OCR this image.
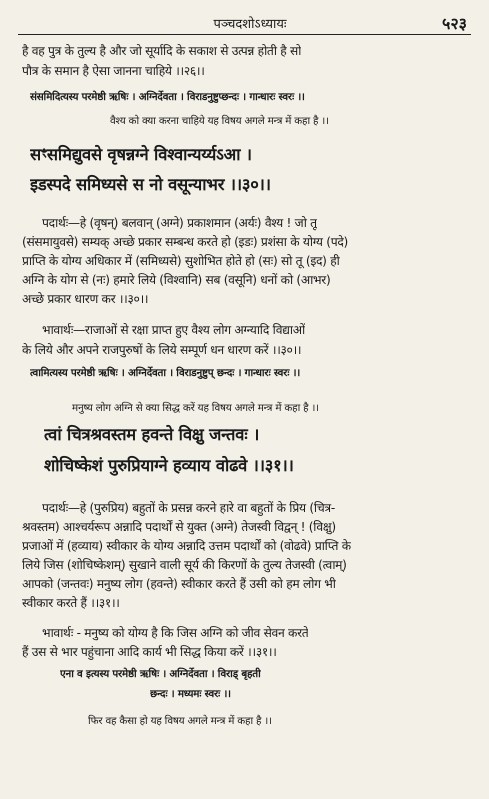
पञ्चदशोऽध्यायः	५२३
है वह पुत्र के तुल्य है और जो सूर्यादि के सकाश से उत्पन्न होती है सो
पौत्र के समान है ऐसा जानना चाहिये ।।२६।।
संसमिदित्यस्य परमेष्ठी ऋषिः । अग्निर्देवता । विराडनुष्टुप्छन्दः । गान्धारः स्वरः ।।
वैश्य को क्या करना चाहिये यह विषय अगले मन्त्र में कहा है ।।
सꣳसमिद्युवसे वृषन्नग्ने विश्वान्यर्य्यऽआ ।
इडस्पदे समिध्यसे स नो वसून्याभर ।।३०।।
पदार्थः—हे (वृषन्) बलवान् (अग्ने) प्रकाशमान (अर्यः) वैश्य ! जो तू
(संसमायुवसे) सम्यक् अच्छे प्रकार सम्बन्ध करते हो (इडः) प्रशंसा के योग्य (पदे)
प्राप्ति के योग्य अधिकार में (समिध्यसे) सुशोभित होते हो (सः) सो तू (इद) ही
अग्नि के योग से (नः) हमारे लिये (विश्वानि) सब (वसूनि) धनों को (आभर)
अच्छे प्रकार धारण कर ।।३०।।
भावार्थः—राजाओं से रक्षा प्राप्त हुए वैश्य लोग अग्न्यादि विद्याओं
के लिये और अपने राजपुरुषों के लिये सम्पूर्ण धन धारण करें ।।३०।।
त्वामित्यस्य परमेष्ठी ऋषिः । अग्निर्देवता । विराडनुष्टुप् छन्दः । गान्धारः स्वरः ।।
मनुष्य लोग अग्नि से क्या सिद्ध करें यह विषय अगले मन्त्र में कहा है ।।
त्वां चित्रश्रवस्तम हवन्ते विक्षु जन्तवः ।
शोचिष्केशं पुरुप्रियाग्ने हव्याय वोढवे ।।३१।।
पदार्थः—हे (पुरुप्रिय) बहुतों के प्रसन्न करने हारे वा बहुतों के प्रिय (चित्र-
श्रवस्तम) आश्चर्यरूप अन्नादि पदार्थों से युक्त (अग्ने) तेजस्वी विद्वन् ! (विक्षु)
प्रजाओं में (हव्याय) स्वीकार के योग्य अन्नादि उत्तम पदार्थों को (वोढवे) प्राप्ति के
लिये जिस (शोचिष्केशम्) सुखाने वाली सूर्य की किरणों के तुल्य तेजस्वी (त्वाम्)
आपको (जन्तवः) मनुष्य लोग (हवन्ते) स्वीकार करते हैं उसी को हम लोग भी
स्वीकार करते हैं ।।३१।।
भावार्थः - मनुष्य को योग्य है कि जिस अग्नि को जीव सेवन करते
हैं उस से भार पहुंचाना आदि कार्य भी सिद्ध किया करें ।।३१।।
एना व इत्यस्य परमेष्ठी ऋषिः । अग्निर्देवता । विराड् बृहती
छन्दः । मध्यमः स्वरः ।।
फिर वह कैसा हो यह विषय अगले मन्त्र में कहा है ।।
